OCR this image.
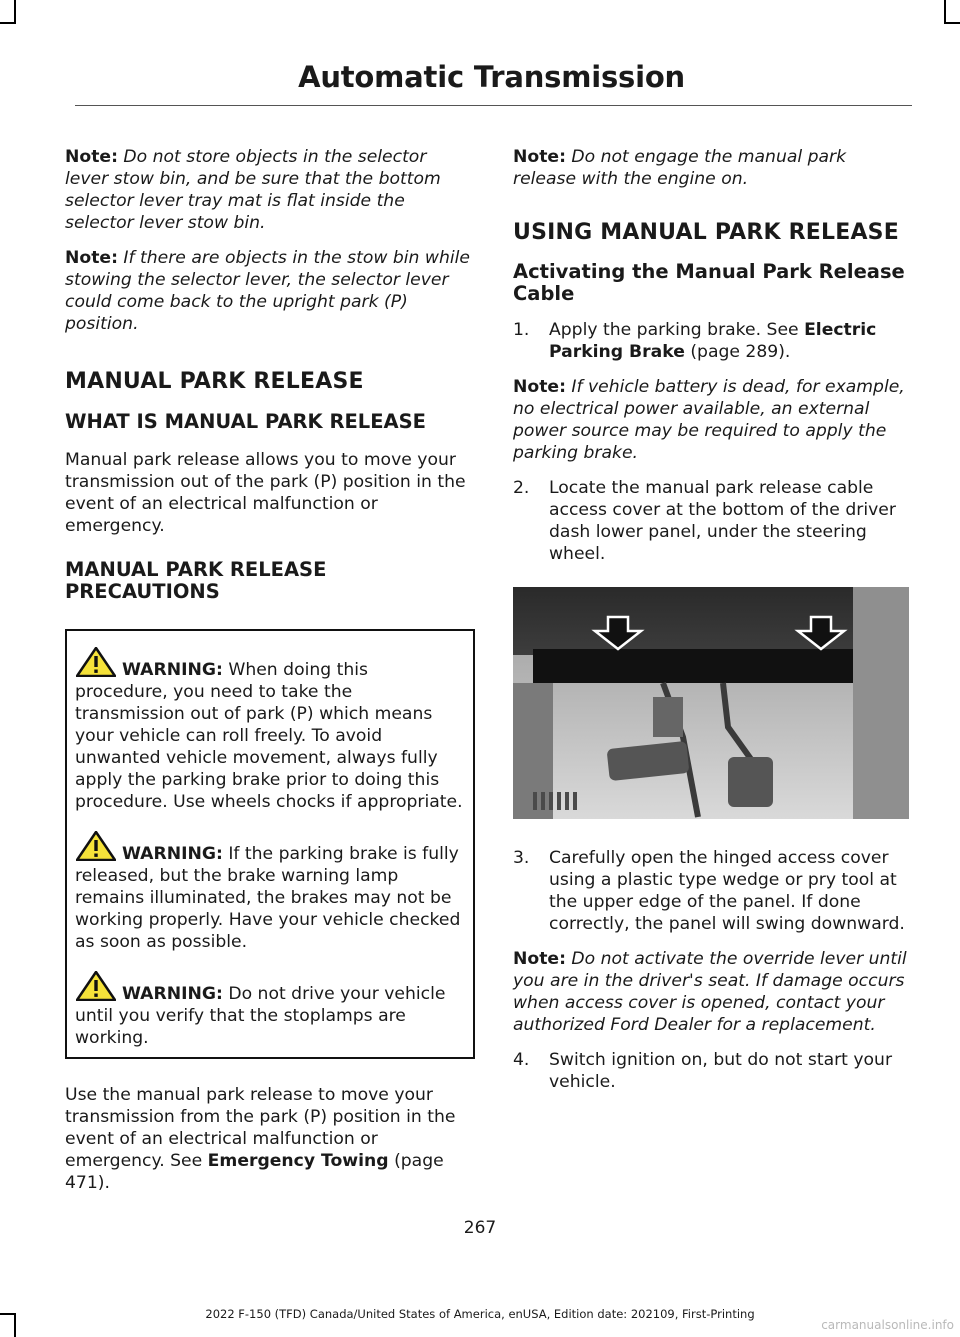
Automatic Transmission

Note: Do not store objects in the selector lever stow bin, and be sure that the bottom selector lever tray mat is flat inside the selector lever stow bin.

Note: If there are objects in the stow bin while stowing the selector lever, the selector lever could come back to the upright park (P) position.

MANUAL PARK RELEASE
WHAT IS MANUAL PARK RELEASE

Manual park release allows you to move your transmission out of the park (P) position in the event of an electrical malfunction or emergency.

MANUAL PARK RELEASE PRECAUTIONS
WARNING: When doing this procedure, you need to take the transmission out of park (P) which means your vehicle can roll freely. To avoid unwanted vehicle movement, always fully apply the parking brake prior to doing this procedure. Use wheels chocks if appropriate.
WARNING: If the parking brake is fully released, but the brake warning lamp remains illuminated, the brakes may not be working properly. Have your vehicle checked as soon as possible.
WARNING: Do not drive your vehicle until you verify that the stoplamps are working.

Use the manual park release to move your transmission from the park (P) position in the event of an electrical malfunction or emergency. See Emergency Towing (page 471).

Note: Do not engage the manual park release with the engine on.

USING MANUAL PARK RELEASE
Activating the Manual Park Release Cable
1.	Apply the parking brake. See Electric Parking Brake (page 289).

Note: If vehicle battery is dead, for example, no electrical power available, an external power source may be required to apply the parking brake.

2.	Locate the manual park release cable access cover at the bottom of the driver dash lower panel, under the steering wheel.
3.	Carefully open the hinged access cover using a plastic type wedge or pry tool at the upper edge of the panel. If done correctly, the panel will swing downward.

Note: Do not activate the override lever until you are in the driver's seat. If damage occurs when access cover is opened, contact your authorized Ford Dealer for a replacement.

4.	Switch ignition on, but do not start your vehicle.
267
2022 F-150 (TFD) Canada/United States of America, enUSA, Edition date: 202109, First-Printing
carmanualsonline.info
